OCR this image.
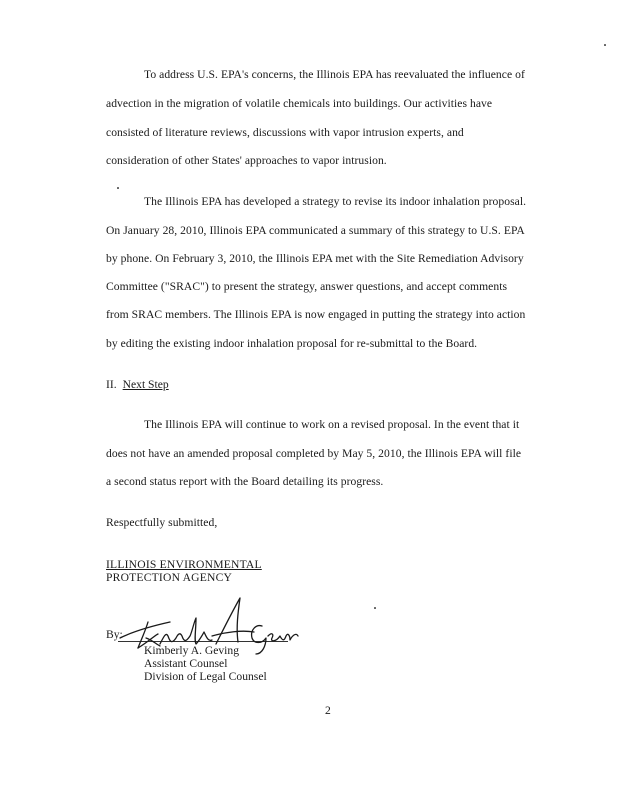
To address U.S. EPA's concerns, the Illinois EPA has reevaluated the influence of
advection in the migration of volatile chemicals into buildings. Our activities have
consisted of literature reviews, discussions with vapor intrusion experts, and
consideration of other States' approaches to vapor intrusion.
The Illinois EPA has developed a strategy to revise its indoor inhalation proposal.
On January 28, 2010, Illinois EPA communicated a summary of this strategy to U.S. EPA
by phone. On February 3, 2010, the Illinois EPA met with the Site Remediation Advisory
Committee ("SRAC") to present the strategy, answer questions, and accept comments
from SRAC members. The Illinois EPA is now engaged in putting the strategy into action
by editing the existing indoor inhalation proposal for re-submittal to the Board.
II. Next Step
The Illinois EPA will continue to work on a revised proposal. In the event that it
does not have an amended proposal completed by May 5, 2010, the Illinois EPA will file
a second status report with the Board detailing its progress.
Respectfully submitted,
ILLINOIS ENVIRONMENTAL
PROTECTION AGENCY
By:
Kimberly A. Geving
Assistant Counsel
Division of Legal Counsel
2
